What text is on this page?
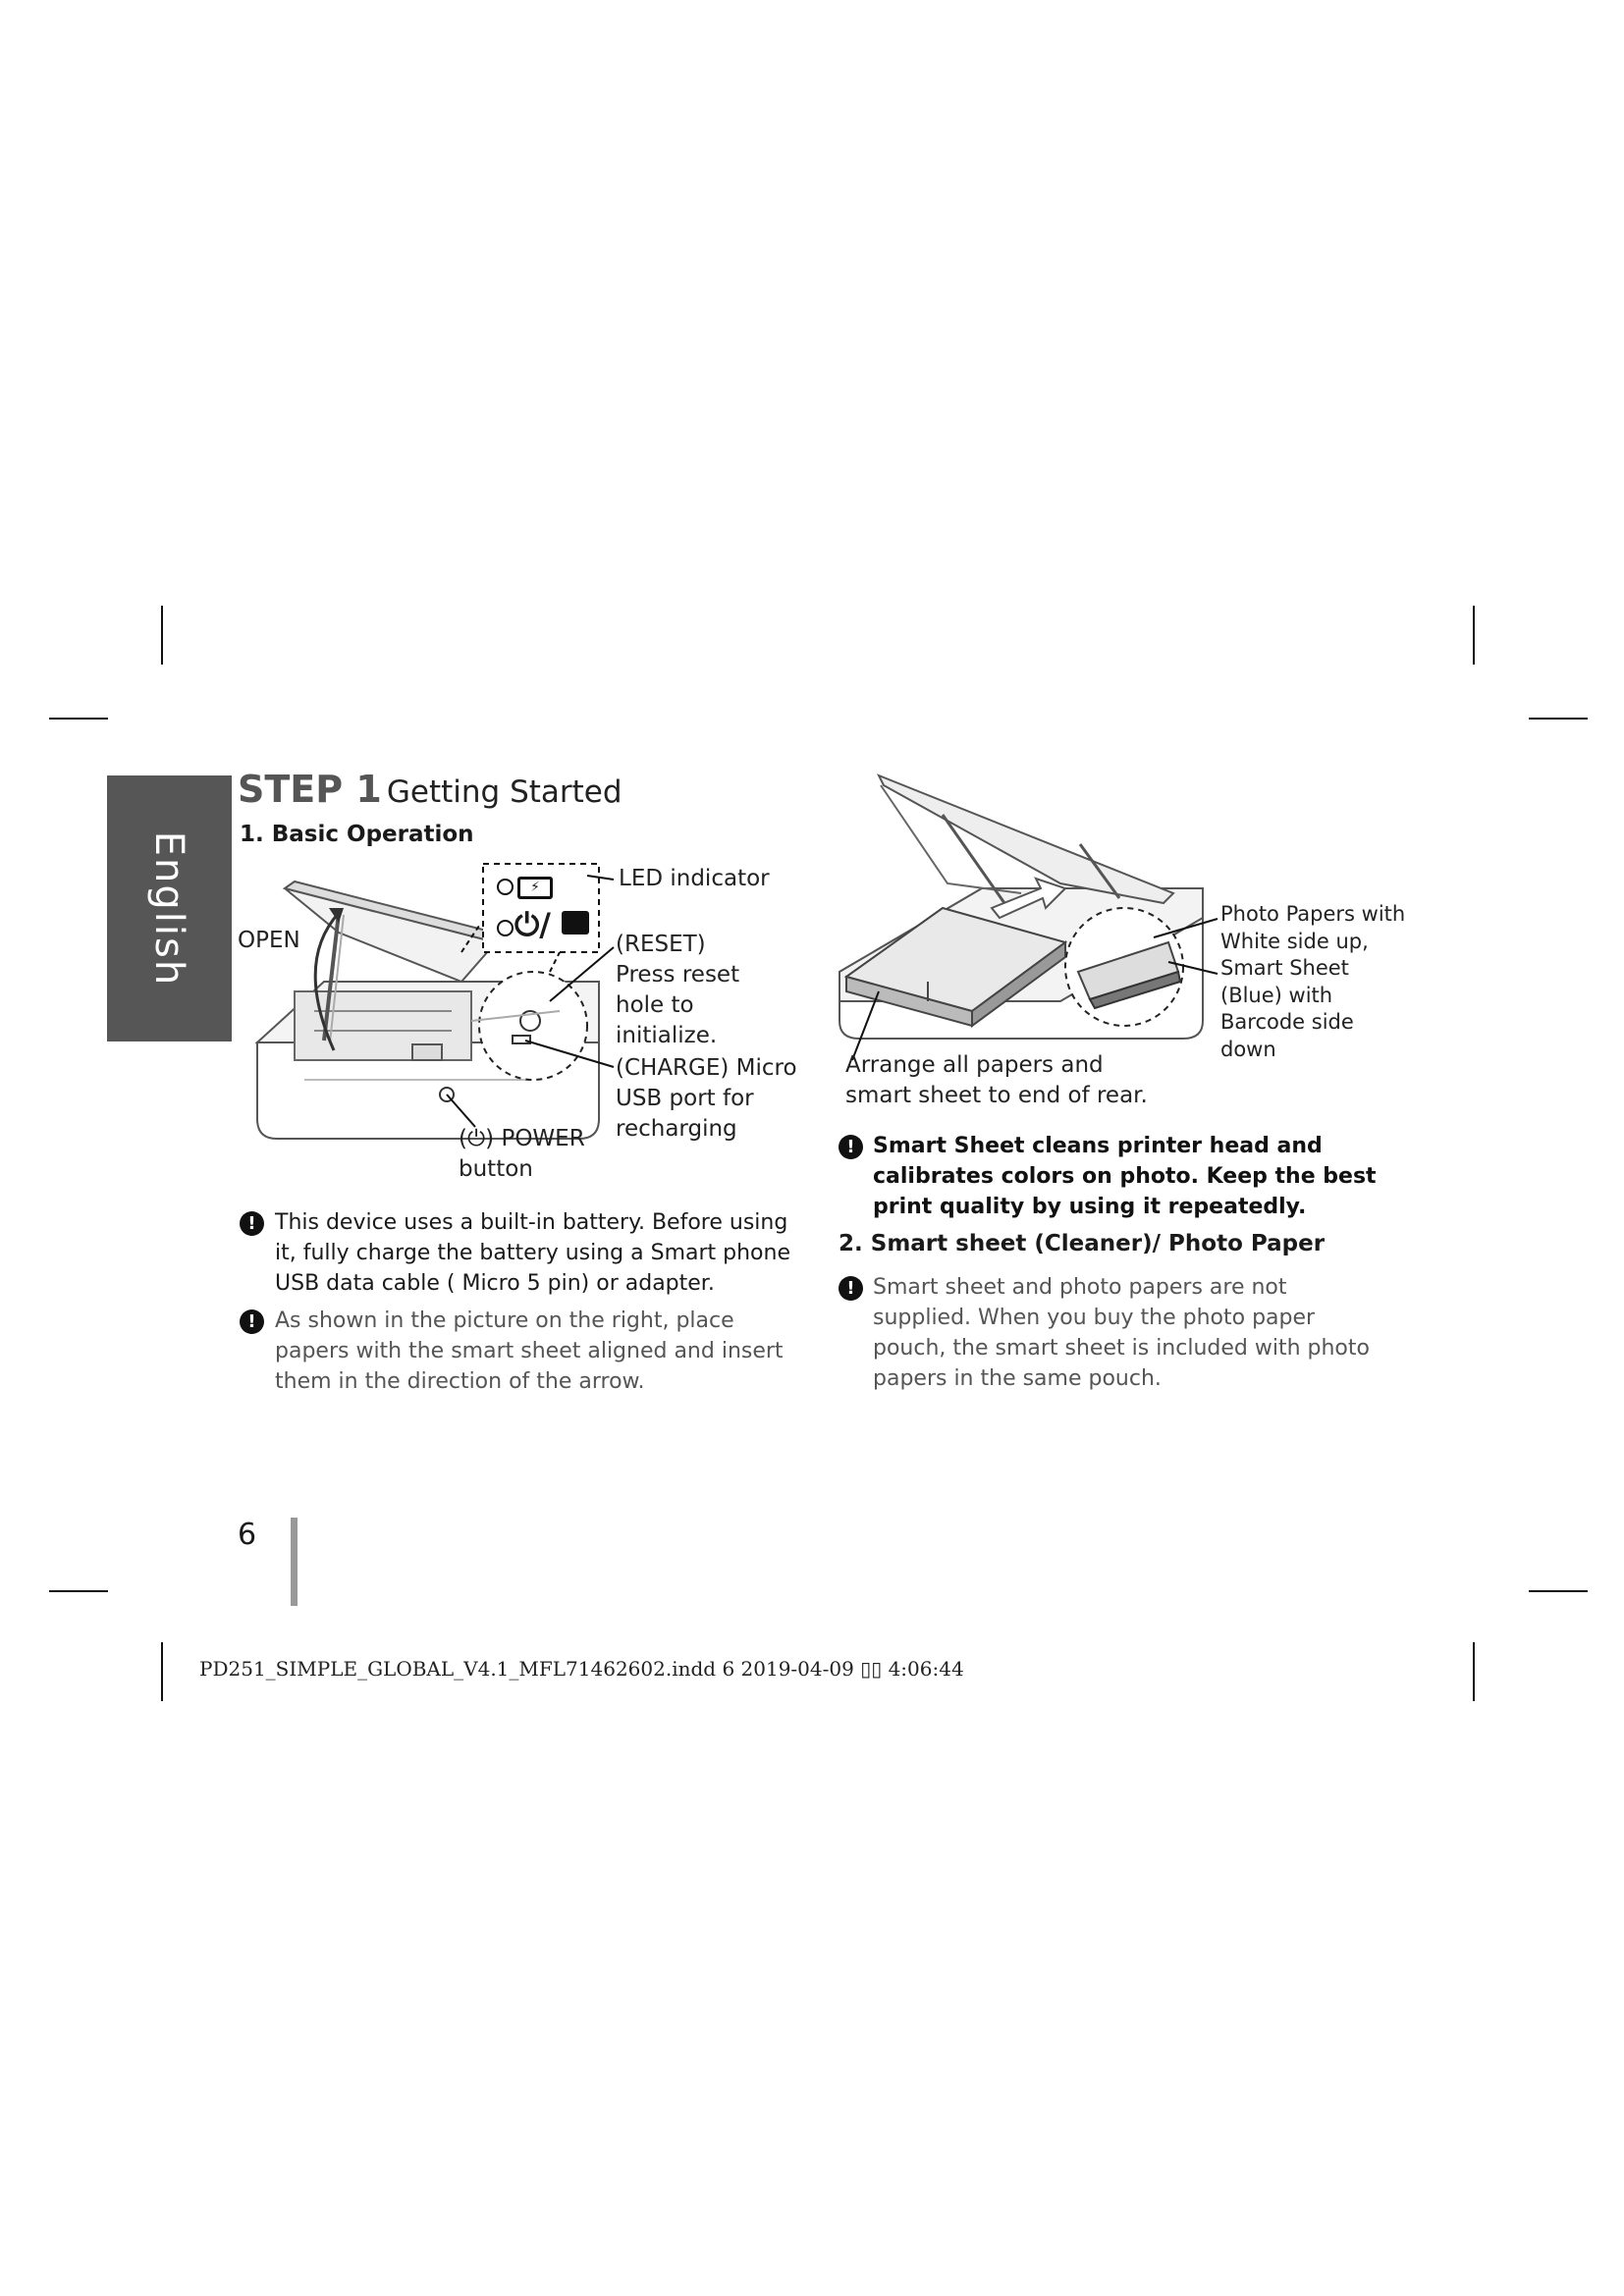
English
STEP 1 Getting Started
1. Basic Operation
⚡
⏻/
OPEN
LED indicator
(RESET) Press reset hole to initialize.
(CHARGE) Micro USB port for recharging
(⏻) POWER button
! This device uses a built-in battery. Before using it, fully charge the battery using a Smart phone USB data cable ( Micro 5 pin) or adapter.
! As shown in the picture on the right, place papers with the smart sheet aligned and insert them in the direction of the arrow.
Photo Papers with White side up, Smart Sheet (Blue) with Barcode side down
Arrange all papers and smart sheet to end of rear.
! Smart Sheet cleans printer head and calibrates colors on photo. Keep the best print quality by using it repeatedly.
2. Smart sheet (Cleaner)/ Photo Paper
! Smart sheet and photo papers are not supplied. When you buy the photo paper pouch, the smart sheet is included with photo papers in the same pouch.
6
PD251_SIMPLE_GLOBAL_V4.1_MFL71462602.indd 6 2019-04-09 ▯▯ 4:06:44
